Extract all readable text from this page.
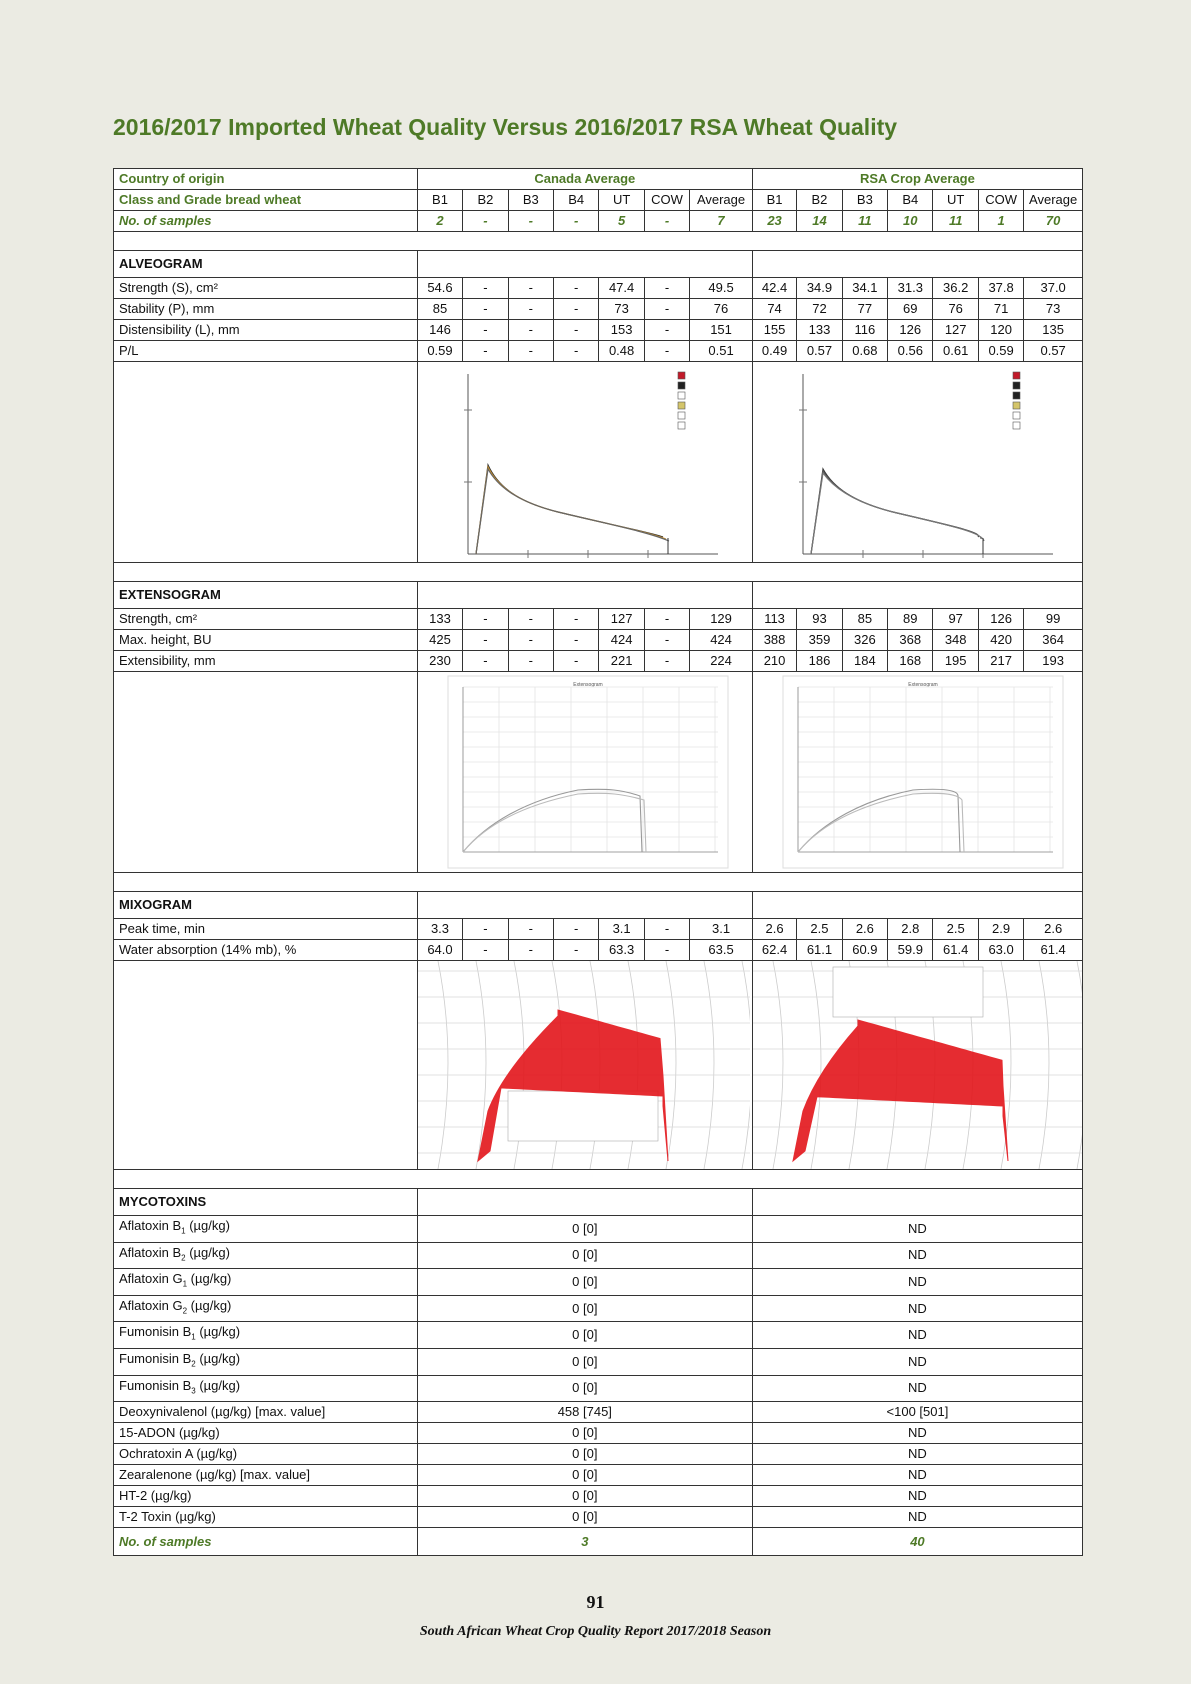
2016/2017 Imported Wheat Quality Versus 2016/2017 RSA Wheat Quality
Country of origin	Canada Average							RSA Crop Average						
Class and Grade bread wheat	B1	B2	B3	B4	UT	COW	Average	B1	B2	B3	B4	UT	COW	Average
No. of samples	2	-	-	-	5	-	7	23	14	11	10	11	1	70

ALVEOGRAM														
Strength (S), cm²	54.6	-	-	-	47.4	-	49.5	42.4	34.9	34.1	31.3	36.2	37.8	37.0
Stability (P), mm	85	-	-	-	73	-	76	74	72	77	69	76	71	73
Distensibility (L), mm	146	-	-	-	153	-	151	155	133	116	126	127	120	135
P/L	0.59	-	-	-	0.48	-	0.51	0.49	0.57	0.68	0.56	0.61	0.59	0.57

EXTENSOGRAM														
Strength, cm²	133	-	-	-	127	-	129	113	93	85	89	97	126	99
Max. height, BU	425	-	-	-	424	-	424	388	359	326	368	348	420	364
Extensibility, mm	230	-	-	-	221	-	224	210	186	184	168	195	217	193

Extensogram							Extensogram						

MIXOGRAM														
Peak time, min	3.3	-	-	-	3.1	-	3.1	2.6	2.5	2.6	2.8	2.5	2.9	2.6
Water absorption (14% mb), %	64.0	-	-	-	63.3	-	63.5	62.4	61.1	60.9	59.9	61.4	63.0	61.4

MYCOTOXINS														
Aflatoxin $B_1$ (µg/kg)	0 [0]							ND						
Aflatoxin $B_2$ (µg/kg)	0 [0]							ND						
Aflatoxin $G_1$ (µg/kg)	0 [0]							ND						
Aflatoxin $G_2$ (µg/kg)	0 [0]							ND						
Fumonisin $B_1$ (µg/kg)	0 [0]							ND						
Fumonisin $B_2$ (µg/kg)	0 [0]							ND						
Fumonisin $B_3$ (µg/kg)	0 [0]							ND						
Deoxynivalenol (µg/kg) [max. value]	458 [745]							<100 [501]						
15-ADON (µg/kg)	0 [0]							ND						
Ochratoxin A (µg/kg)	0 [0]							ND						
Zearalenone (µg/kg) [max. value]	0 [0]							ND						
HT-2 (µg/kg)	0 [0]							ND						
T-2 Toxin (µg/kg)	0 [0]							ND						
No. of samples	3							40						
91
South African Wheat Crop Quality Report 2017/2018 Season
